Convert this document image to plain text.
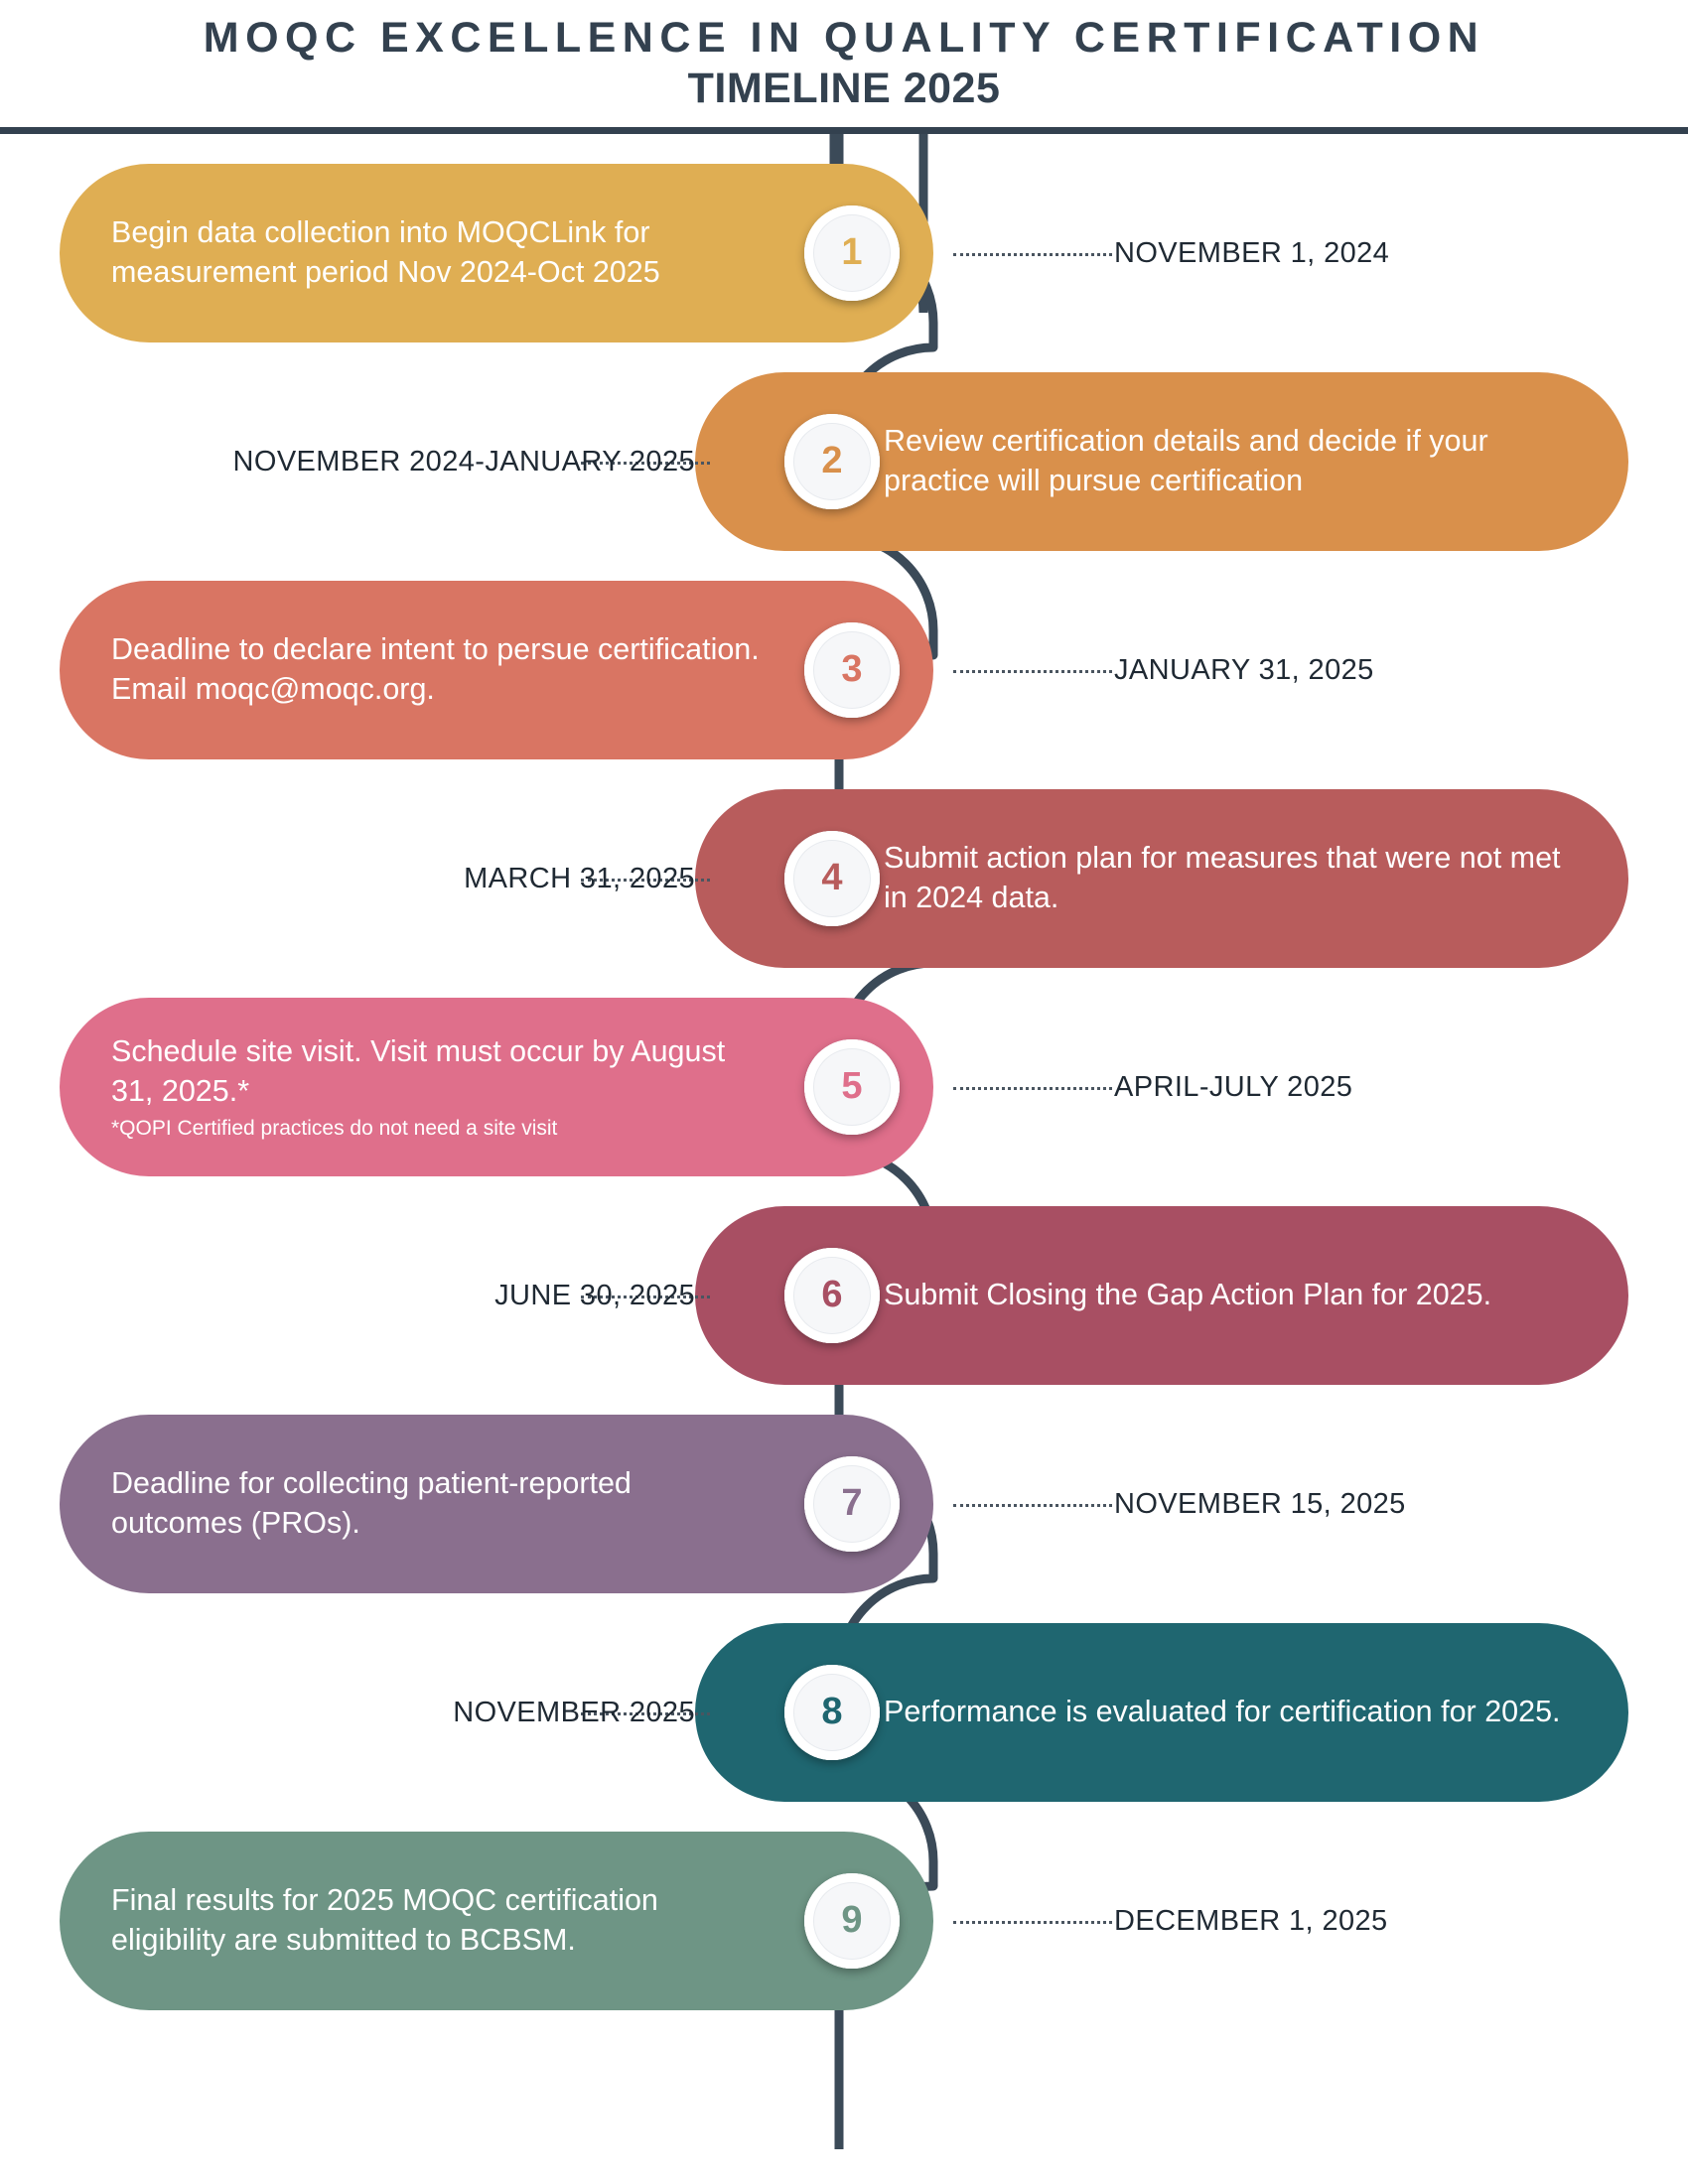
MOQC EXCELLENCE IN QUALITY CERTIFICATION
TIMELINE 2025
Begin data collection into MOQCLink for measurement period Nov 2024-Oct 2025	1	NOVEMBER 1, 2024
Review certification details and decide if your practice will pursue certification
2
NOVEMBER 2024-JANUARY 2025
Deadline to declare intent to persue certification. Email moqc@moqc.org.	3	JANUARY 31, 2025
Submit action plan for measures that were not met in 2024 data.
4
MARCH 31, 2025
Schedule site visit. Visit must occur by August 31, 2025.*
*QOPI Certified practices do not need a site visit
5	APRIL-JULY 2025
Submit Closing the Gap Action Plan for 2025.
6
JUNE 30, 2025
Deadline for collecting patient-reported outcomes (PROs).	7	NOVEMBER 15, 2025
Performance is evaluated for certification for 2025.
8
NOVEMBER 2025
Final results for 2025 MOQC certification eligibility are submitted to BCBSM.	9	DECEMBER 1, 2025
